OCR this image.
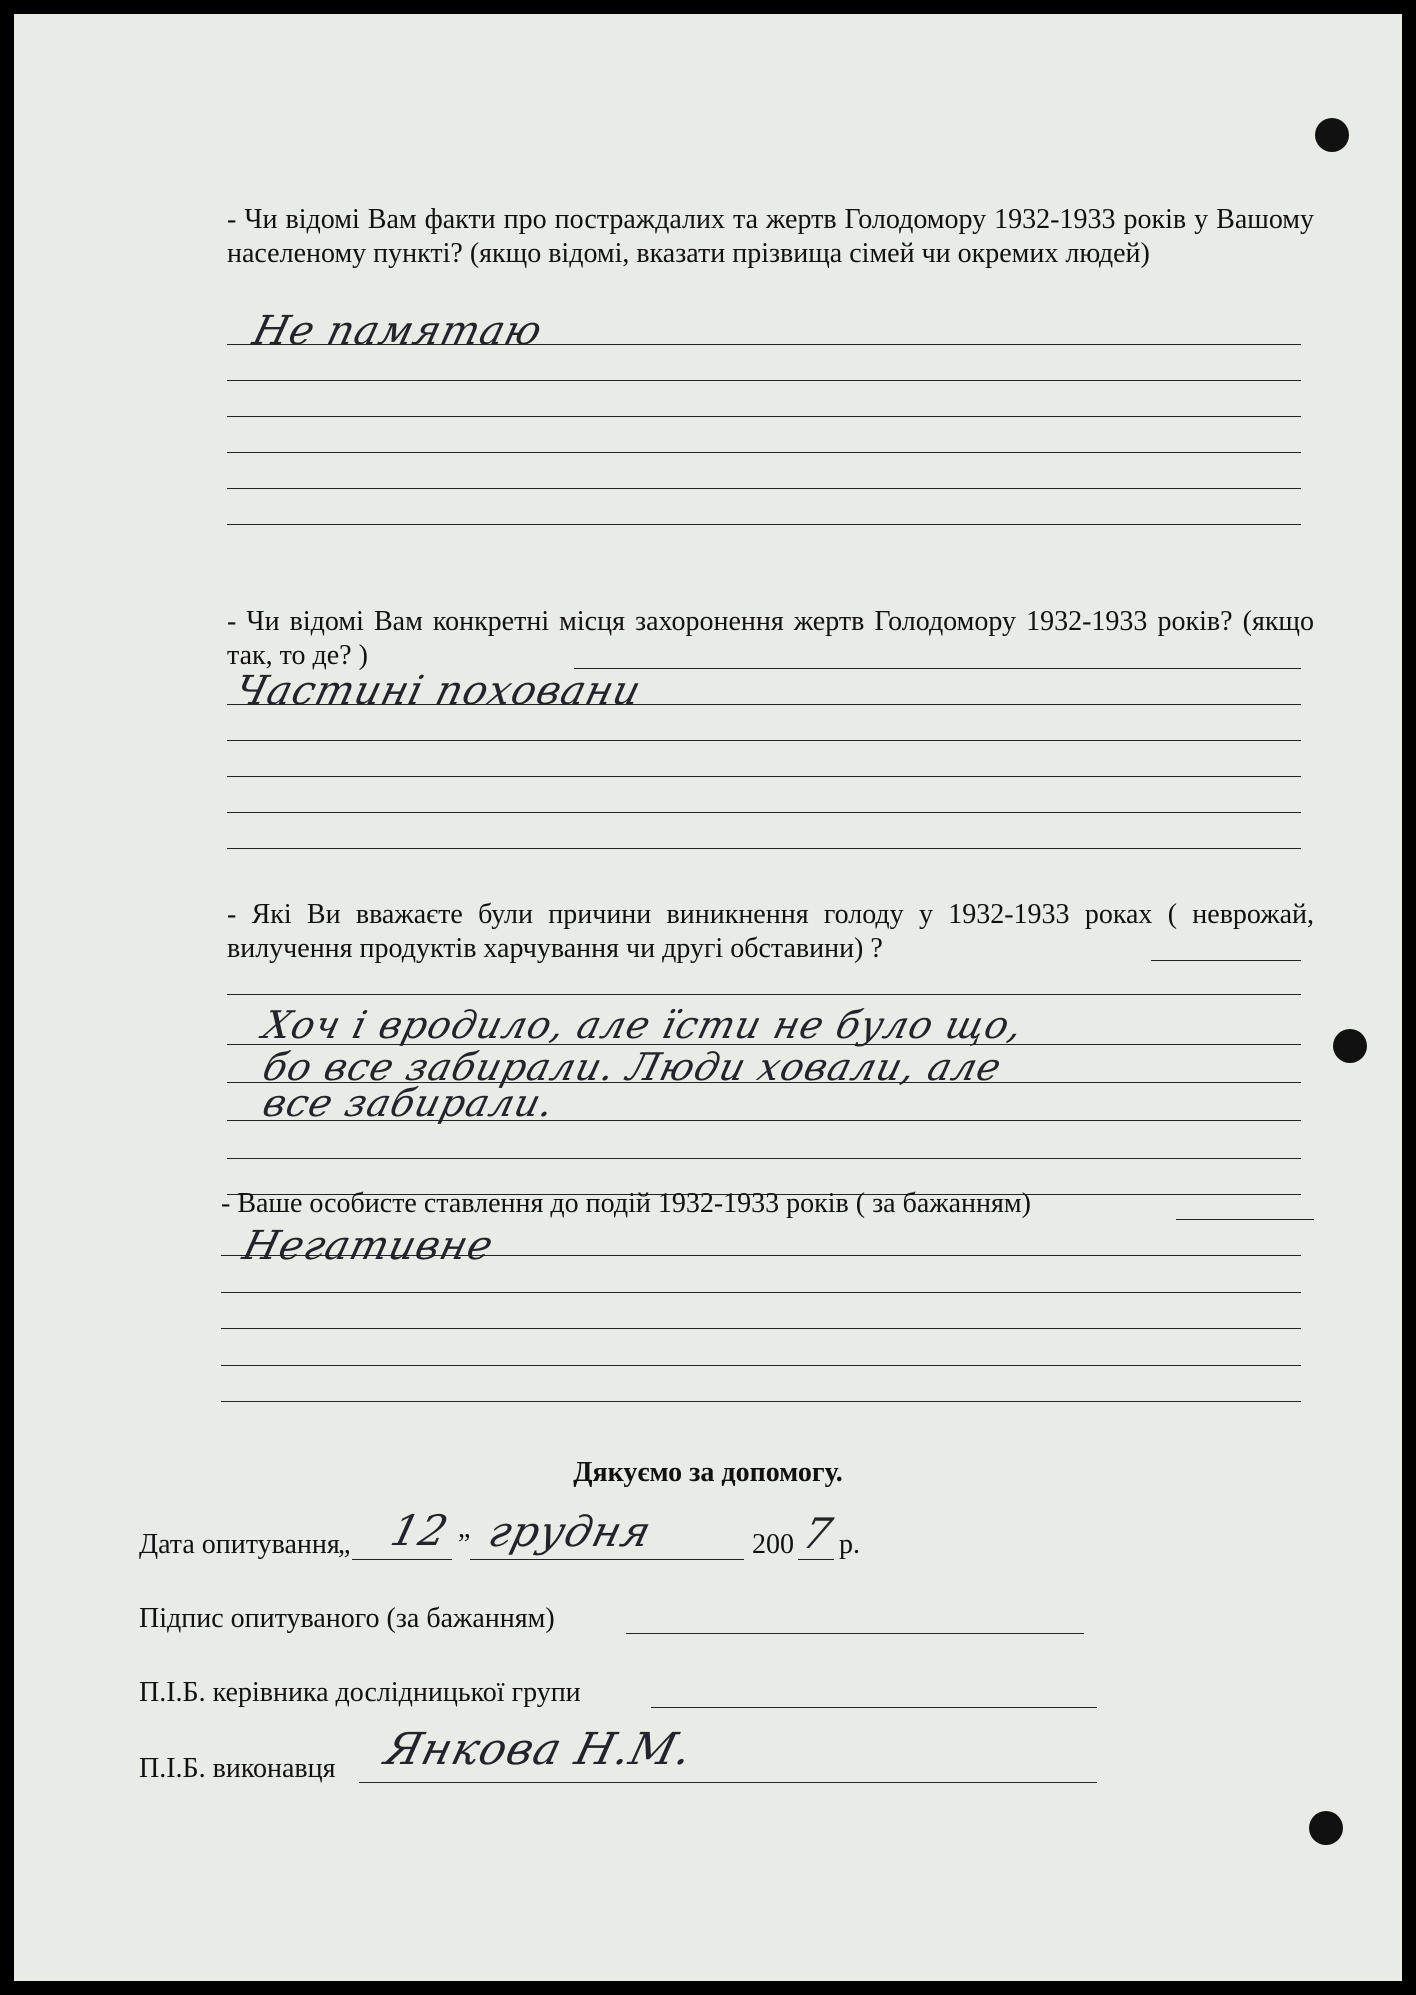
- Чи відомі Вам факти про постраждалих та жертв Голодомору 1932-1933 років у Вашому населеному пункті? (якщо відомі, вказати прізвища сімей чи окремих людей)
Не памятаю
- Чи відомі Вам конкретні місця захоронення жертв Голодомору 1932-1933 років? (якщо так, то де? )
Частині поховани
- Які Ви вважаєте були причини виникнення голоду у 1932-1933 роках ( неврожай, вилучення продуктів харчування чи другі обставини) ?
Хоч і вродило, але їсти не було що,
бо все забирали. Люди ховали, але
все забирали.
- Ваше особисте ставлення до подій 1932-1933 років ( за бажанням)
Негативне
Дякуємо за допомогу.
Дата опитування
„ 12 ” грудня	200 7 р.
Підпис опитуваного (за бажанням)
П.І.Б. керівника дослідницької групи
П.І.Б. виконавця Янкова Н.М.
